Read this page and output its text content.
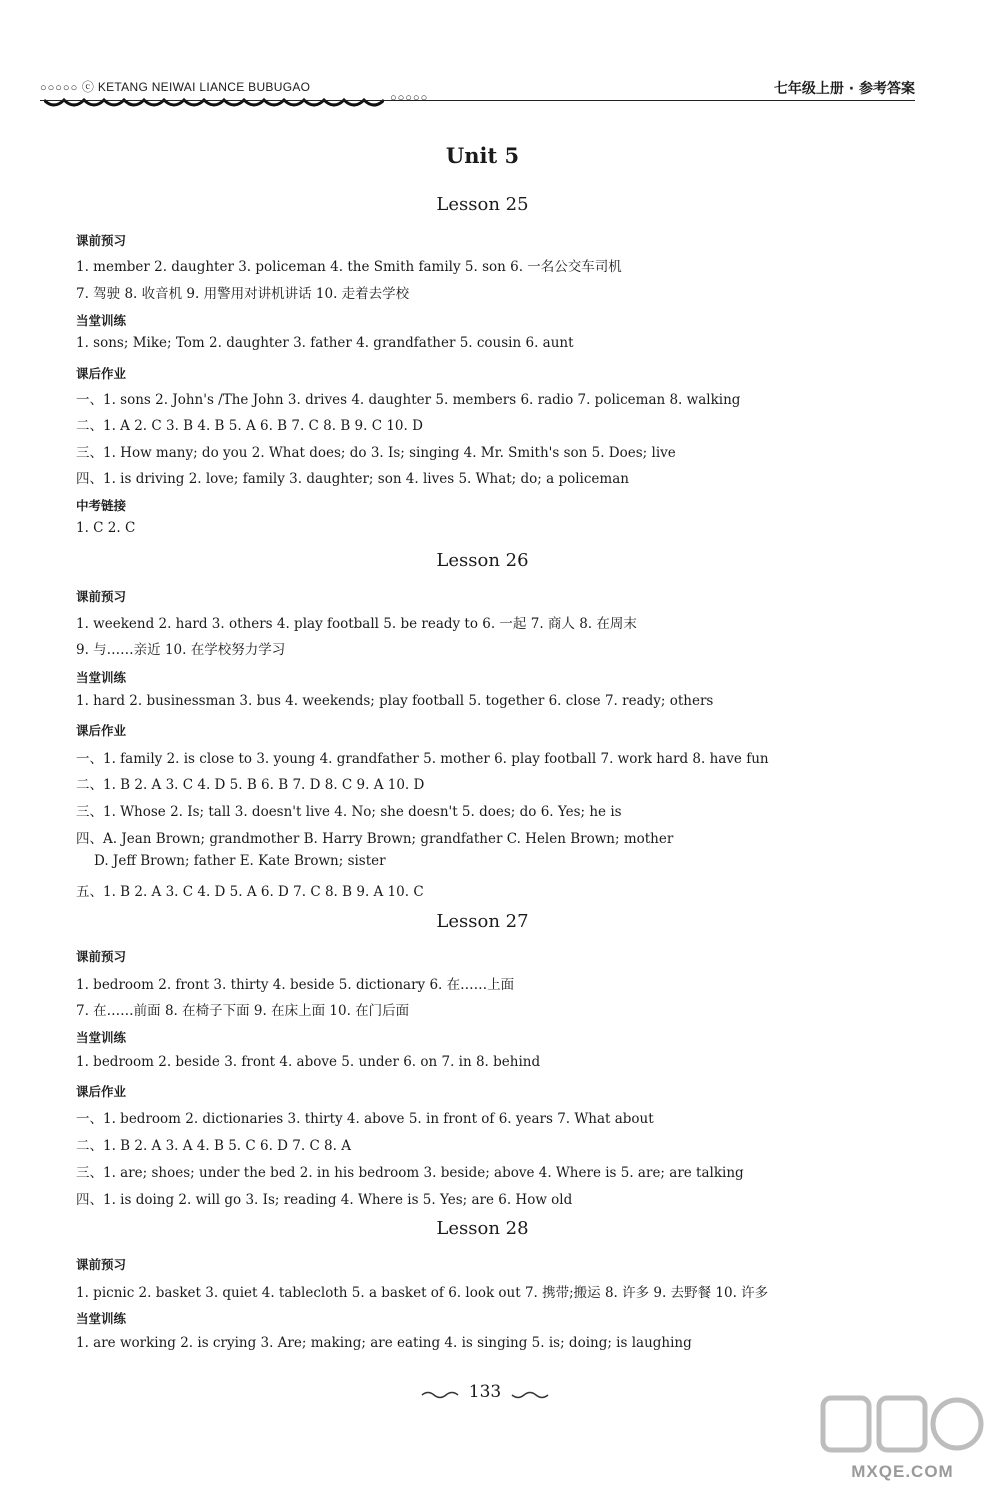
○○○○○ ⓒ KETANG NEIWAI LIANCE BUBUGAO
○○○○○
七年级上册 · 参考答案
Unit 5
Lesson 25
课前预习
1. member 2. daughter 3. policeman 4. the Smith family 5. son 6. 一名公交车司机
7. 驾驶 8. 收音机 9. 用警用对讲机讲话 10. 走着去学校
当堂训练
1. sons; Mike; Tom 2. daughter 3. father 4. grandfather 5. cousin 6. aunt
课后作业
一、1. sons 2. John's /The John 3. drives 4. daughter 5. members 6. radio 7. policeman 8. walking
二、1. A 2. C 3. B 4. B 5. A 6. B 7. C 8. B 9. C 10. D
三、1. How many; do you 2. What does; do 3. Is; singing 4. Mr. Smith's son 5. Does; live
四、1. is driving 2. love; family 3. daughter; son 4. lives 5. What; do; a policeman
中考链接
1. C 2. C
Lesson 26
课前预习
1. weekend 2. hard 3. others 4. play football 5. be ready to 6. 一起 7. 商人 8. 在周末
9. 与……亲近 10. 在学校努力学习
当堂训练
1. hard 2. businessman 3. bus 4. weekends; play football 5. together 6. close 7. ready; others
课后作业
一、1. family 2. is close to 3. young 4. grandfather 5. mother 6. play football 7. work hard 8. have fun
二、1. B 2. A 3. C 4. D 5. B 6. B 7. D 8. C 9. A 10. D
三、1. Whose 2. Is; tall 3. doesn't live 4. No; she doesn't 5. does; do 6. Yes; he is
四、A. Jean Brown; grandmother B. Harry Brown; grandfather C. Helen Brown; mother
D. Jeff Brown; father E. Kate Brown; sister
五、1. B 2. A 3. C 4. D 5. A 6. D 7. C 8. B 9. A 10. C
Lesson 27
课前预习
1. bedroom 2. front 3. thirty 4. beside 5. dictionary 6. 在……上面
7. 在……前面 8. 在椅子下面 9. 在床上面 10. 在门后面
当堂训练
1. bedroom 2. beside 3. front 4. above 5. under 6. on 7. in 8. behind
课后作业
一、1. bedroom 2. dictionaries 3. thirty 4. above 5. in front of 6. years 7. What about
二、1. B 2. A 3. A 4. B 5. C 6. D 7. C 8. A
三、1. are; shoes; under the bed 2. in his bedroom 3. beside; above 4. Where is 5. are; are talking
四、1. is doing 2. will go 3. Is; reading 4. Where is 5. Yes; are 6. How old
Lesson 28
课前预习
1. picnic 2. basket 3. quiet 4. tablecloth 5. a basket of 6. look out 7. 携带;搬运 8. 许多 9. 去野餐 10. 许多
当堂训练
1. are working 2. is crying 3. Are; making; are eating 4. is singing 5. is; doing; is laughing
133
MXQE.COM
